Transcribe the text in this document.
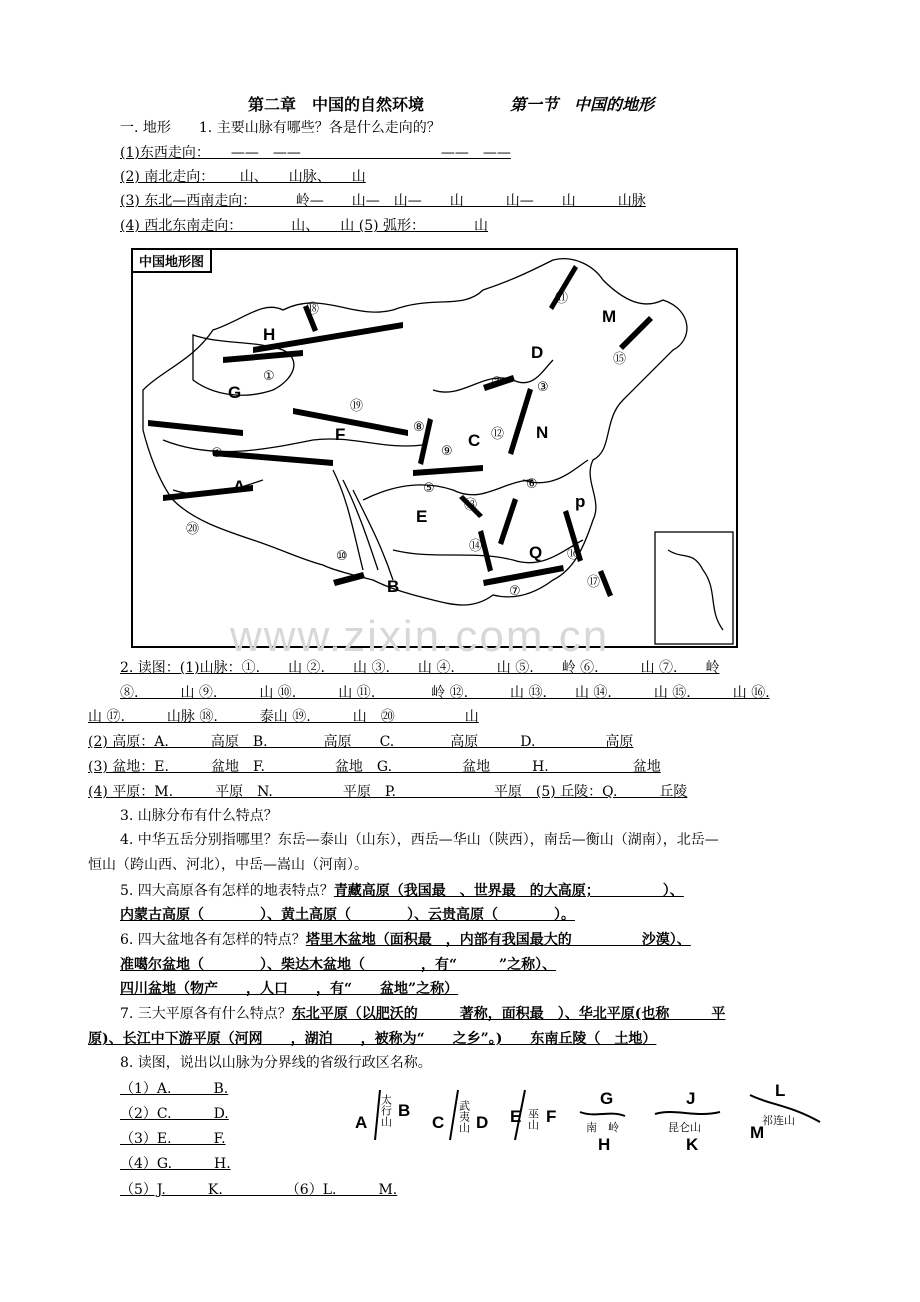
第二章　中国的自然环境	第一节　中国的地形
一. 地形　　1. 主要山脉有哪些？各是什么走向的？
(1)东西走向：　　——　——　　　　　　　　　　——　——
(2) 南北走向：　　 山、　　山脉、　　山
(3) 东北—西南走向：　　　 岭—　　山—　山—　　山　　　山—　　山　　　山脉
(4) 西北东南走向：　　　　山、　　山 (5) 弧形：　　　　山
H
G
F
A
E
B
D
C	N
M
p
Q
⑱
①
⑲
④
⑳
⑩
⑪
⑮
②	③
⑧	⑫
⑨
⑤	⑥
⑬
⑭
⑯
⑦
⑰
中国地形图
www.zixin.com.cn
2. 读图：(1)山脉：①.　　山 ②.　　山 ③.　　山 ④.　　　山 ⑤.　　岭 ⑥.　　　山 ⑦.　　岭
⑧.　　　山 ⑨.　　　山 ⑩.　　　山 ⑪.　　　　岭 ⑫.　　　山 ⑬.　　山 ⑭.　　　山 ⑮.　　　山 ⑯.
山 ⑰.　　　山脉 ⑱.　　　泰山 ⑲.　　　山　⑳　　　　　山
(2) 高原：A.　　　高原　B.　　　　高原　　C.　　　　高原　　　D.　　　　　高原
(3) 盆地：E.　　　盆地　F.　　　　　盆地　G.　　　　　盆地　　　H.　　　　　　盆地
(4) 平原：M.　　　平原　N.　　　　　平原　P.　　　　　　　平原　(5) 丘陵：Q.　　　丘陵
3. 山脉分布有什么特点？
4. 中华五岳分别指哪里？东岳—泰山（山东），西岳—华山（陕西），南岳—衡山（湖南），北岳—
恒山（跨山西、河北），中岳—嵩山（河南）。
5. 四大高原各有怎样的地表特点？青藏高原（我国最　、世界最　的大高原；　　　　　）、
内蒙古高原（　　　　）、黄土高原（　　　　）、云贵高原（　　　　）。
6. 四大盆地各有怎样的特点？塔里木盆地（面积最　，内部有我国最大的　　　　　沙漠）、
准噶尔盆地（　　　　）、柴达木盆地（　　　　，有“　　　”之称）、
四川盆地（物产　　，人口　　，有“　　盆地”之称）
7. 三大平原各有什么特点？东北平原（以肥沃的　　　著称，面积最　）、华北平原(也称　　　平
原)、长江中下游平原（河网　　，湖泊　　，被称为“　　之乡”。)　　东南丘陵（　土地）
8. 读图，说出以山脉为分界线的省级行政区名称。
（1）A.　　　B.
（2）C.　　　D.
（3）E.　　　F.
（4）G.　　　H.
（5）J.　　　K.　　　　　（6）L.　　　M.
A
B
C D E F
G
H
J
K
L
M
太行山	武夷山	巫山	南　岭	昆仑山
祁连山
